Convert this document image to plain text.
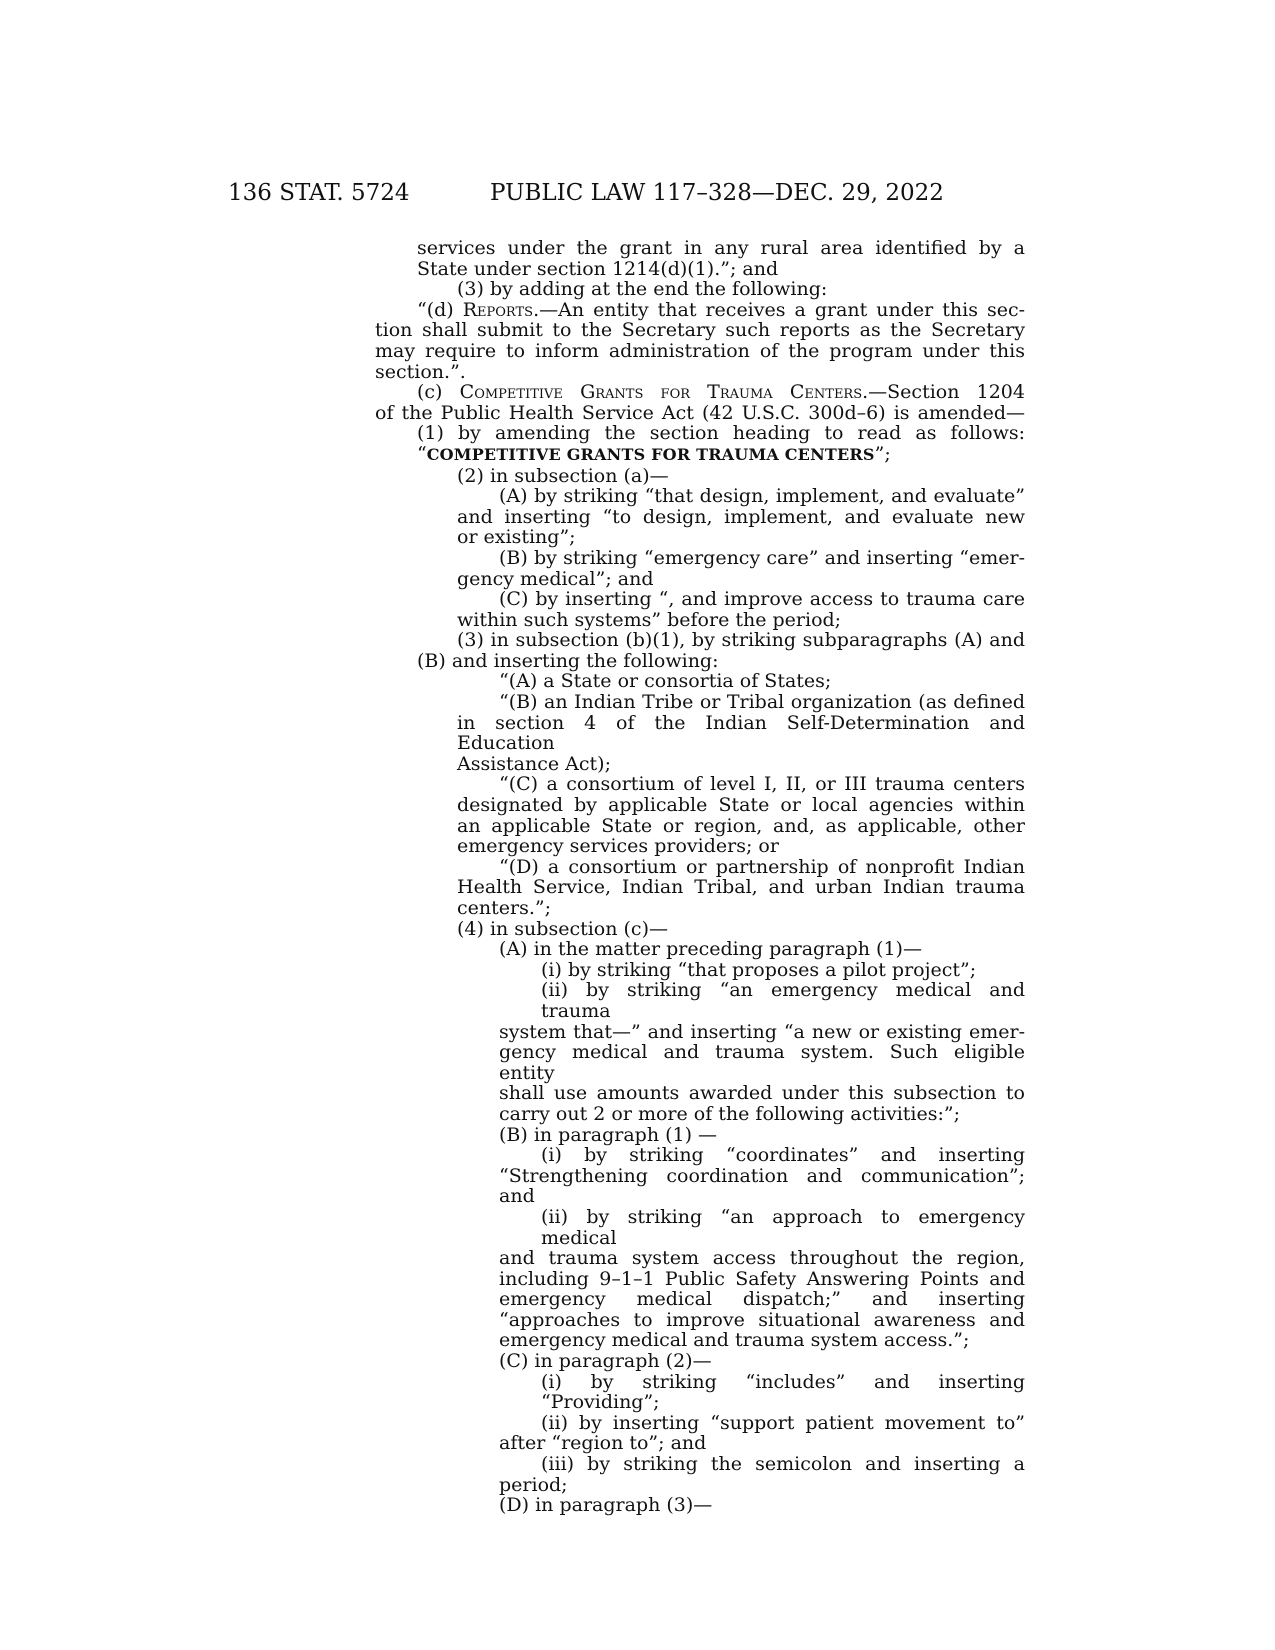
136 STAT. 5724	PUBLIC LAW 117–328—DEC. 29, 2022
services under the grant in any rural area identified by a
State under section 1214(d)(1).”; and
(3) by adding at the end the following:
“(d) Reports.—An entity that receives a grant under this sec-
tion shall submit to the Secretary such reports as the Secretary
may require to inform administration of the program under this
section.”.
(c) Competitive Grants for Trauma Centers.—Section 1204
of the Public Health Service Act (42 U.S.C. 300d–6) is amended—
(1) by amending the section heading to read as follows:
“COMPETITIVE GRANTS FOR TRAUMA CENTERS”;
(2) in subsection (a)—
(A) by striking “that design, implement, and evaluate”
and inserting “to design, implement, and evaluate new
or existing”;
(B) by striking “emergency care” and inserting “emer-
gency medical”; and
(C) by inserting “, and improve access to trauma care
within such systems” before the period;
(3) in subsection (b)(1), by striking subparagraphs (A) and
(B) and inserting the following:
“(A) a State or consortia of States;
“(B) an Indian Tribe or Tribal organization (as defined
in section 4 of the Indian Self-Determination and Education
Assistance Act);
“(C) a consortium of level I, II, or III trauma centers
designated by applicable State or local agencies within
an applicable State or region, and, as applicable, other
emergency services providers; or
“(D) a consortium or partnership of nonprofit Indian
Health Service, Indian Tribal, and urban Indian trauma
centers.”;
(4) in subsection (c)—
(A) in the matter preceding paragraph (1)—
(i) by striking “that proposes a pilot project”;
(ii) by striking “an emergency medical and trauma
system that—” and inserting “a new or existing emer-
gency medical and trauma system. Such eligible entity
shall use amounts awarded under this subsection to
carry out 2 or more of the following activities:”;
(B) in paragraph (1) —
(i) by striking “coordinates” and inserting
“Strengthening coordination and communication”; and
(ii) by striking “an approach to emergency medical
and trauma system access throughout the region,
including 9–1–1 Public Safety Answering Points and
emergency medical dispatch;” and inserting
“approaches to improve situational awareness and
emergency medical and trauma system access.”;
(C) in paragraph (2)—
(i) by striking “includes” and inserting “Providing”;
(ii) by inserting “support patient movement to”
after “region to”; and
(iii) by striking the semicolon and inserting a
period;
(D) in paragraph (3)—
